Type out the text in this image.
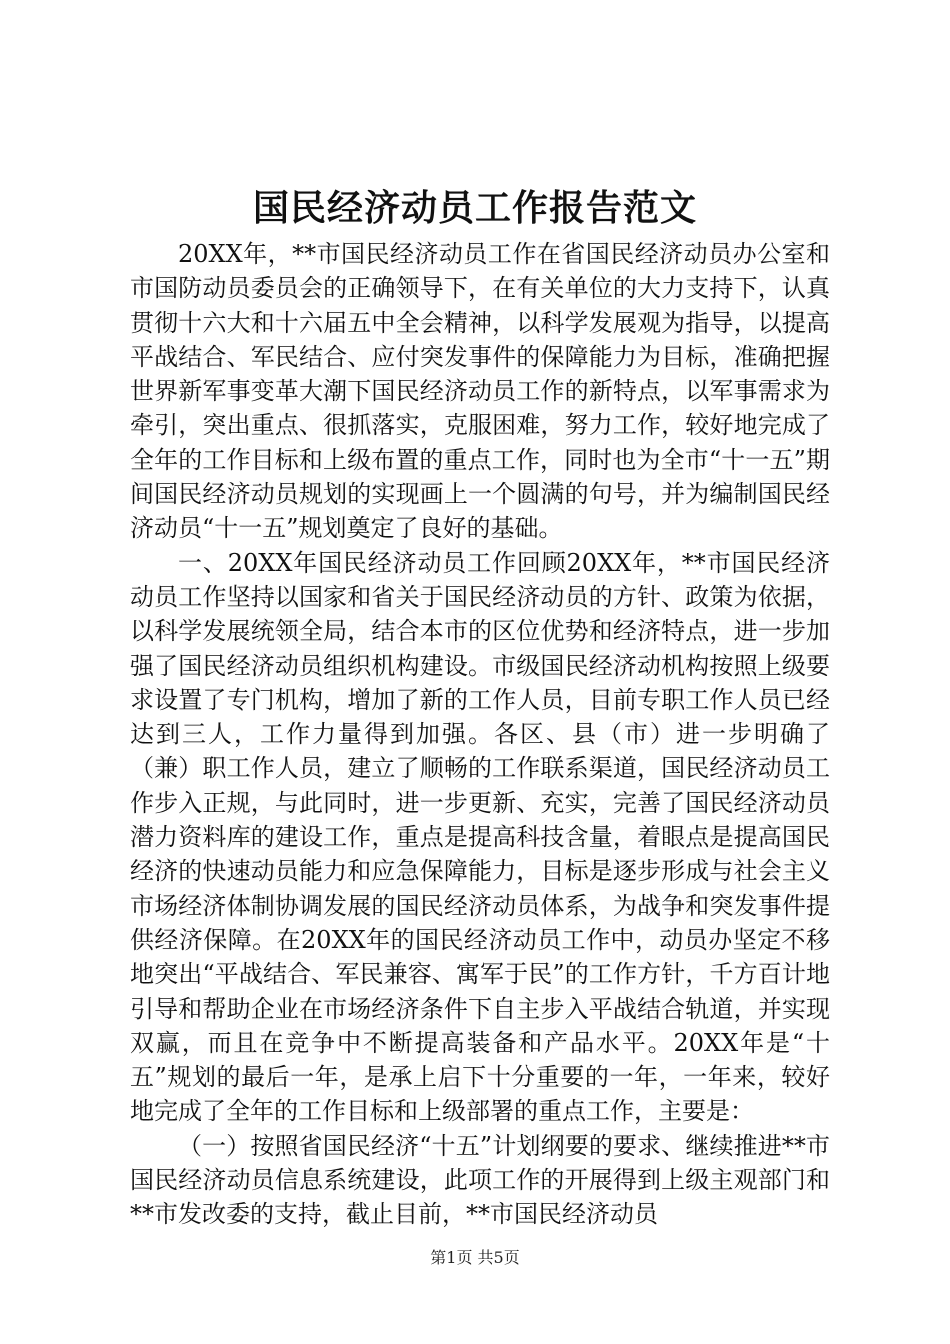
国民经济动员工作报告范文

20XX年，**市国民经济动员工作在省国民经济动员办公室和市国防动员委员会的正确领导下，在有关单位的大力支持下，认真贯彻十六大和十六届五中全会精神，以科学发展观为指导，以提高平战结合、军民结合、应付突发事件的保障能力为目标，准确把握世界新军事变革大潮下国民经济动员工作的新特点，以军事需求为牵引，突出重点、很抓落实，克服困难，努力工作，较好地完成了全年的工作目标和上级布置的重点工作，同时也为全市“十一五”期间国民经济动员规划的实现画上一个圆满的句号，并为编制国民经济动员“十一五”规划奠定了良好的基础。

一、20XX年国民经济动员工作回顾20XX年，**市国民经济动员工作坚持以国家和省关于国民经济动员的方针、政策为依据，以科学发展统领全局，结合本市的区位优势和经济特点，进一步加强了国民经济动员组织机构建设。市级国民经济动机构按照上级要求设置了专门机构，增加了新的工作人员，目前专职工作人员已经达到三人，工作力量得到加强。各区、县（市）进一步明确了（兼）职工作人员，建立了顺畅的工作联系渠道，国民经济动员工作步入正规，与此同时，进一步更新、充实，完善了国民经济动员潜力资料库的建设工作，重点是提高科技含量，着眼点是提高国民经济的快速动员能力和应急保障能力，目标是逐步形成与社会主义市场经济体制协调发展的国民经济动员体系，为战争和突发事件提供经济保障。在20XX年的国民经济动员工作中，动员办坚定不移地突出“平战结合、军民兼容、寓军于民”的工作方针，千方百计地引导和帮助企业在市场经济条件下自主步入平战结合轨道，并实现双赢，而且在竞争中不断提高装备和产品水平。20XX年是“十五”规划的最后一年，是承上启下十分重要的一年，一年来，较好地完成了全年的工作目标和上级部署的重点工作，主要是：

（一）按照省国民经济“十五”计划纲要的要求、继续推进**市国民经济动员信息系统建设，此项工作的开展得到上级主观部门和**市发改委的支持，截止目前，**市国民经济动员

第1页 共5页
